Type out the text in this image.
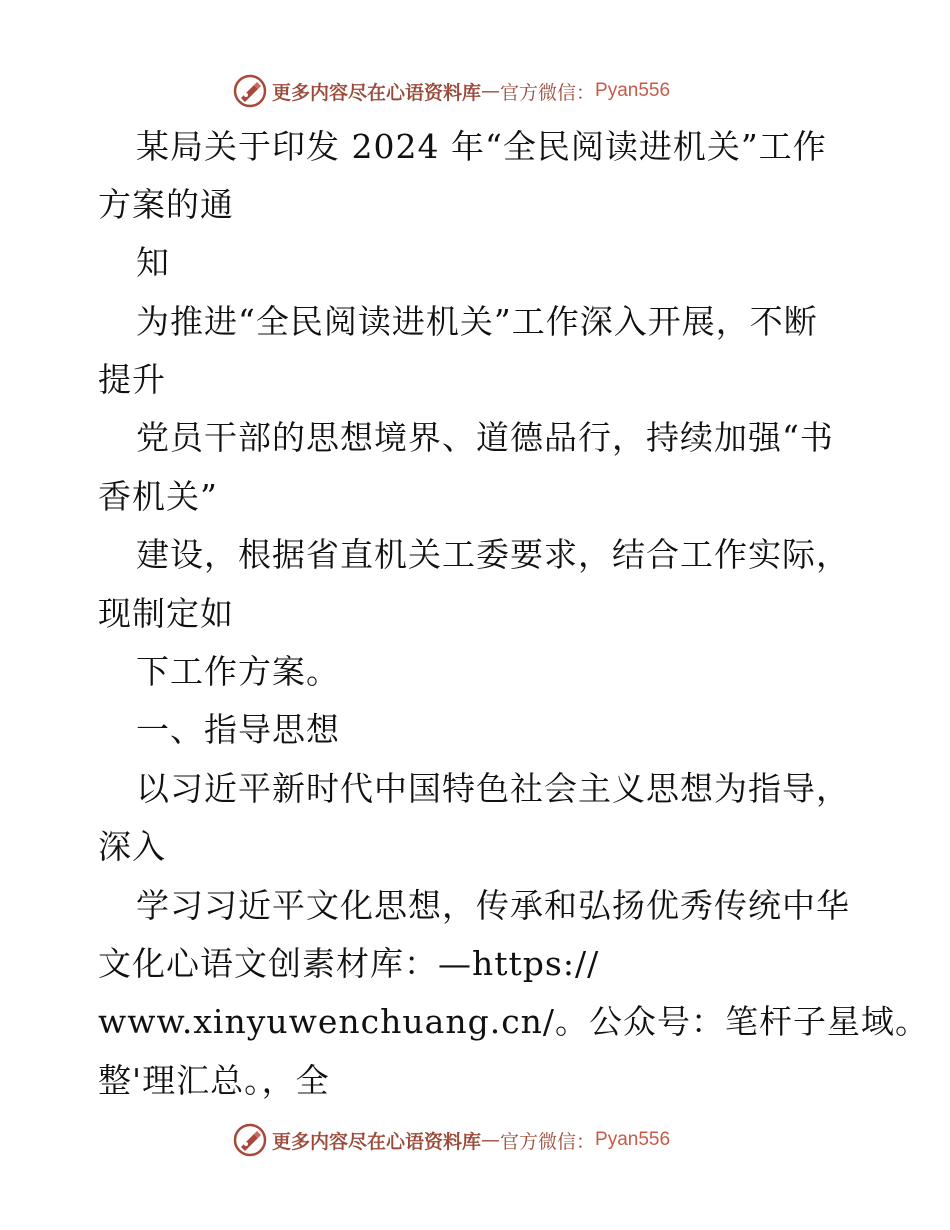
更多内容尽在心语资料库 — 官方微信： Pyan556
某局关于印发 2024 年“全民阅读进机关”工作
方案的通
知
为推进“全民阅读进机关”工作深入开展，不断
提升
党员干部的思想境界、道德品行，持续加强“书
香机关”
建设，根据省直机关工委要求，结合工作实际，
现制定如
下工作方案。
一、指导思想
以习近平新时代中国特色社会主义思想为指导，
深入
学习习近平文化思想，传承和弘扬优秀传统中华
文化心语文创素材库：—https://
www.xinyuwenchuang.cn/。公众号：笔杆子星域。
整'理汇总。，全
更多内容尽在心语资料库 — 官方微信： Pyan556
